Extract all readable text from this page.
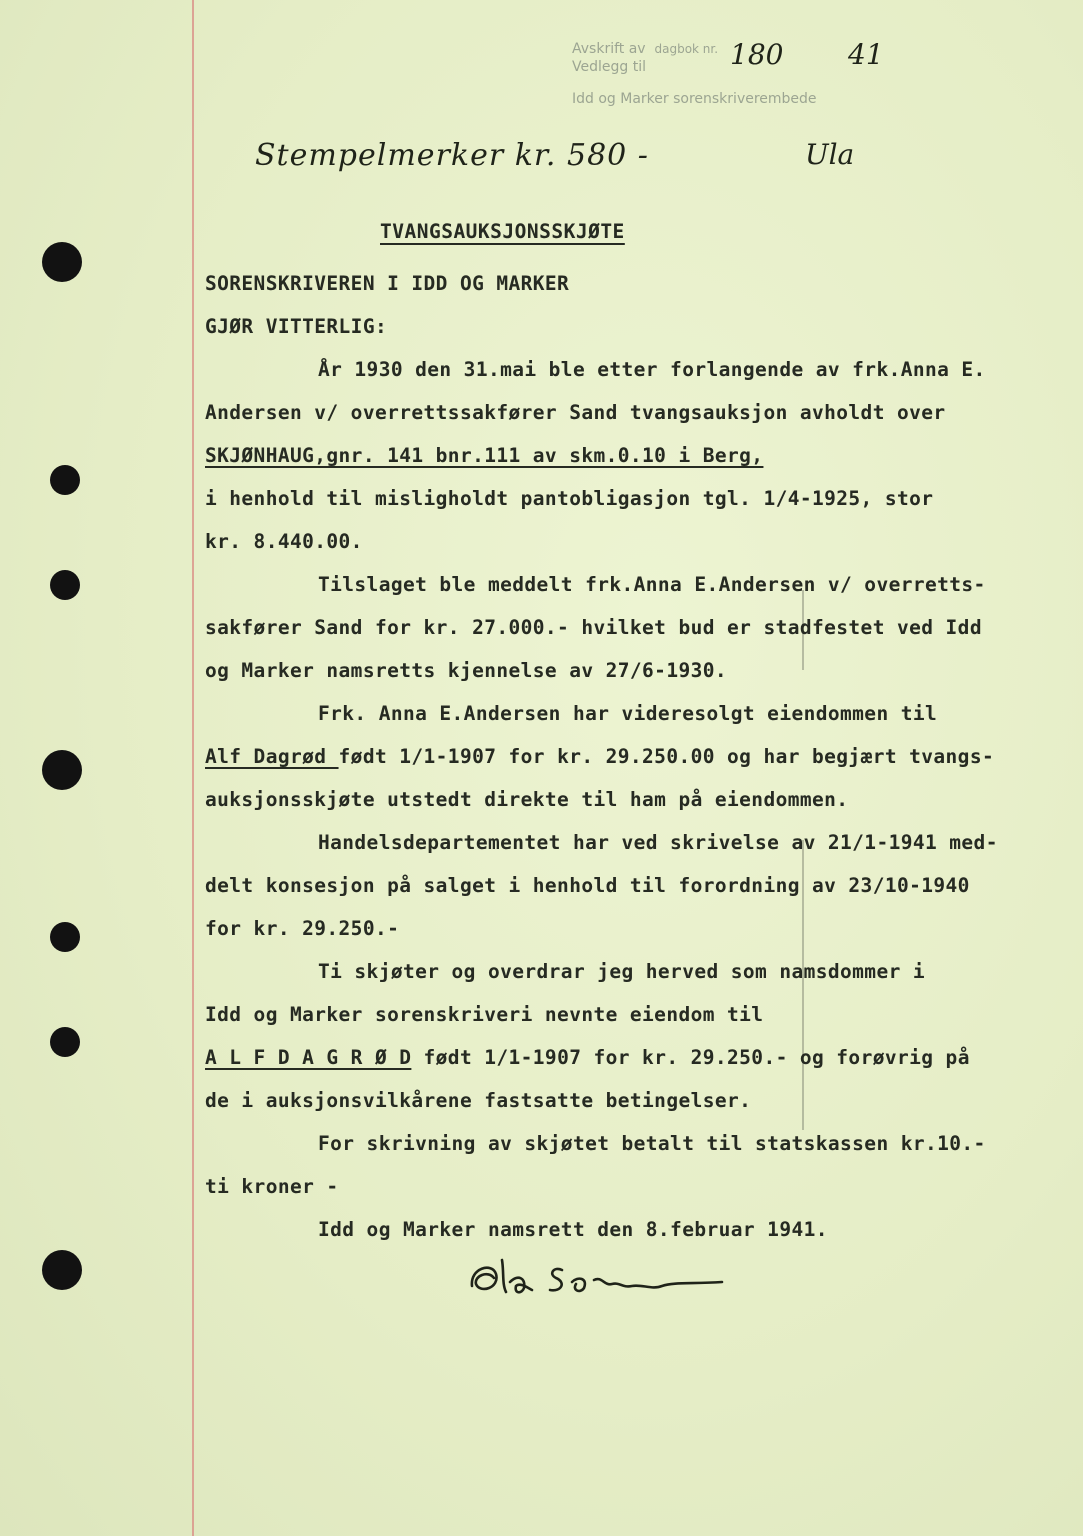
Avskrift av dagbok nr.
Vedlegg til
Idd og Marker sorenskriverembede
180 41
Stempelmerker kr. 580 -	Ula
TVANGSAUKSJONSSKJØTE
SORENSKRIVEREN I IDD OG MARKER
GJØR VITTERLIG:
År 1930 den 31.mai ble etter forlangende av frk.Anna E.
Andersen v/ overrettssakfører Sand tvangsauksjon avholdt over
SKJØNHAUG,gnr. 141 bnr.111 av skm.0.10 i Berg,
i henhold til misligholdt pantobligasjon tgl. 1/4-1925, stor
kr. 8.440.00.
Tilslaget ble meddelt frk.Anna E.Andersen v/ overretts-
sakfører Sand for kr. 27.000.- hvilket bud er stadfestet ved Idd
og Marker namsretts kjennelse av 27/6-1930.
Frk. Anna E.Andersen har videresolgt eiendommen til
Alf Dagrød født 1/1-1907 for kr. 29.250.00 og har begjært tvangs-
auksjonsskjøte utstedt direkte til ham på eiendommen.
Handelsdepartementet har ved skrivelse av 21/1-1941 med-
delt konsesjon på salget i henhold til forordning av 23/10-1940
for kr. 29.250.-
Ti skjøter og overdrar jeg herved som namsdommer i
Idd og Marker sorenskriveri nevnte eiendom til
A L F D A G R Ø D født 1/1-1907 for kr. 29.250.- og forøvrig på
de i auksjonsvilkårene fastsatte betingelser.
For skrivning av skjøtet betalt til statskassen kr.10.-
ti kroner -
Idd og Marker namsrett den 8.februar 1941.
